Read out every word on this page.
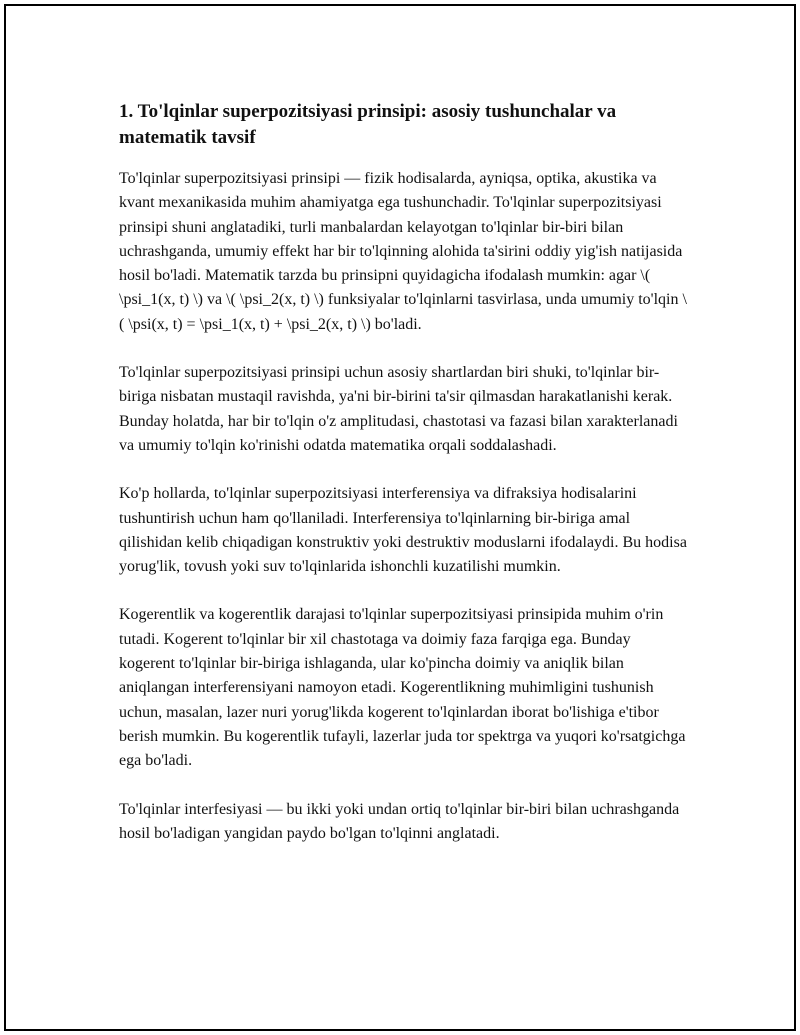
1. To'lqinlar superpozitsiyasi prinsipi: asosiy tushunchalar va matematik tavsif

To'lqinlar superpozitsiyasi prinsipi — fizik hodisalarda, ayniqsa, optika, akustika va kvant mexanikasida muhim ahamiyatga ega tushunchadir. To'lqinlar superpozitsiyasi prinsipi shuni anglatadiki, turli manbalardan kelayotgan to'lqinlar bir-biri bilan uchrashganda, umumiy effekt har bir to'lqinning alohida ta'sirini oddiy yig'ish natijasida hosil bo'ladi. Matematik tarzda bu prinsipni quyidagicha ifodalash mumkin: agar \( \psi_1(x, t) \) va \( \psi_2(x, t) \) funksiyalar to'lqinlarni tasvirlasa, unda umumiy to'lqin \( \psi(x, t) = \psi_1(x, t) + \psi_2(x, t) \) bo'ladi.

To'lqinlar superpozitsiyasi prinsipi uchun asosiy shartlardan biri shuki, to'lqinlar bir-biriga nisbatan mustaqil ravishda, ya'ni bir-birini ta'sir qilmasdan harakatlanishi kerak. Bunday holatda, har bir to'lqin o'z amplitudasi, chastotasi va fazasi bilan xarakterlanadi va umumiy to'lqin ko'rinishi odatda matematika orqali soddalashadi.

Ko'p hollarda, to'lqinlar superpozitsiyasi interferensiya va difraksiya hodisalarini tushuntirish uchun ham qo'llaniladi. Interferensiya to'lqinlarning bir-biriga amal qilishidan kelib chiqadigan konstruktiv yoki destruktiv moduslarni ifodalaydi. Bu hodisa yorug'lik, tovush yoki suv to'lqinlarida ishonchli kuzatilishi mumkin.

Kogerentlik va kogerentlik darajasi to'lqinlar superpozitsiyasi prinsipida muhim o'rin tutadi. Kogerent to'lqinlar bir xil chastotaga va doimiy faza farqiga ega. Bunday kogerent to'lqinlar bir-biriga ishlaganda, ular ko'pincha doimiy va aniqlik bilan aniqlangan interferensiyani namoyon etadi. Kogerentlikning muhimligini tushunish uchun, masalan, lazer nuri yorug'likda kogerent to'lqinlardan iborat bo'lishiga e'tibor berish mumkin. Bu kogerentlik tufayli, lazerlar juda tor spektrga va yuqori ko'rsatgichga ega bo'ladi.

To'lqinlar interfesiyasi — bu ikki yoki undan ortiq to'lqinlar bir-biri bilan uchrashganda hosil bo'ladigan yangidan paydo bo'lgan to'lqinni anglatadi.
